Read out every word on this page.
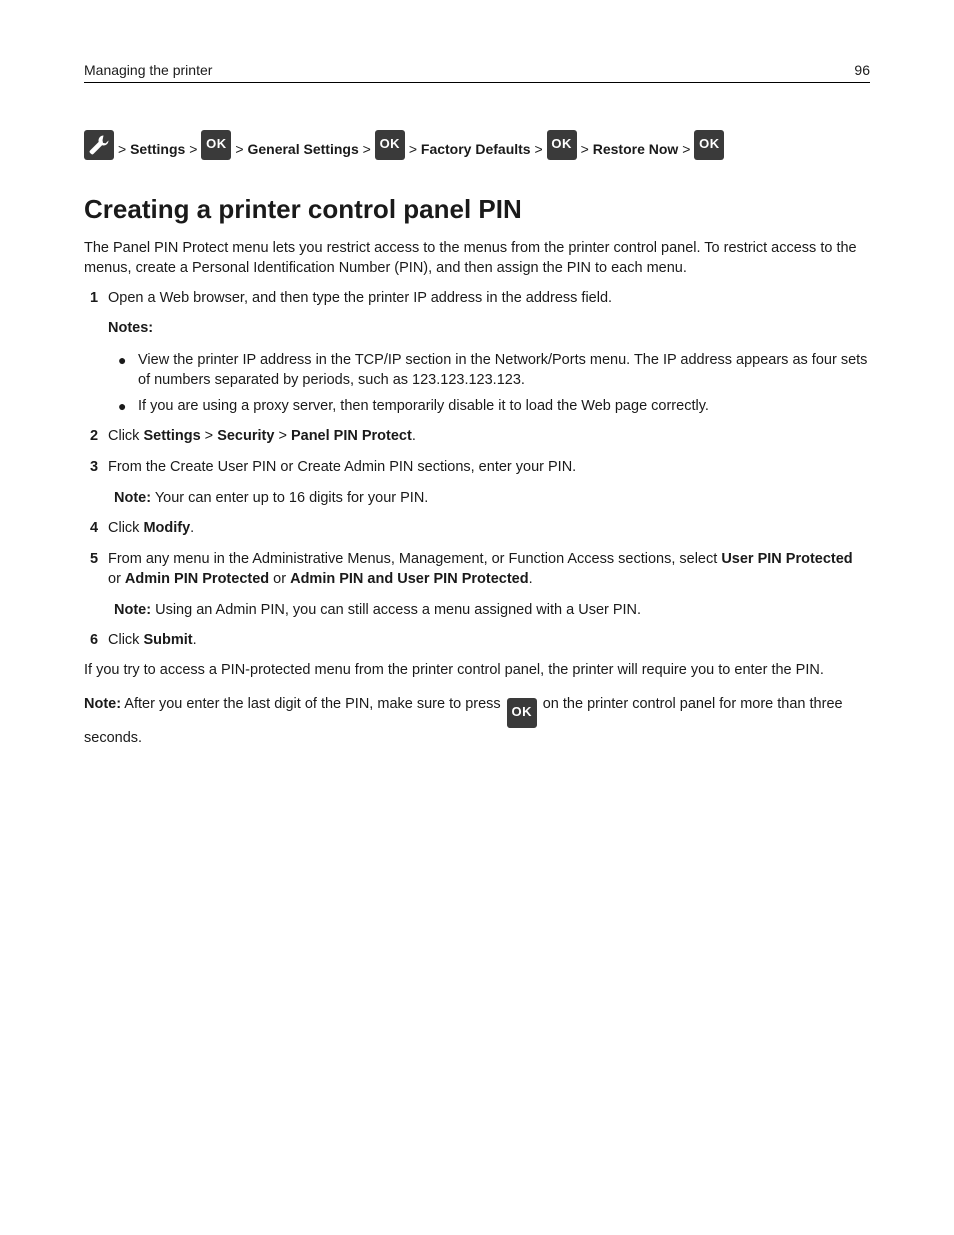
Managing the printer	96
> Settings > OK > General Settings > OK > Factory Defaults > OK > Restore Now > OK
Creating a printer control panel PIN
The Panel PIN Protect menu lets you restrict access to the menus from the printer control panel. To restrict access to the menus, create a Personal Identification Number (PIN), and then assign the PIN to each menu.
1 Open a Web browser, and then type the printer IP address in the address field.
Notes:
● View the printer IP address in the TCP/IP section in the Network/Ports menu. The IP address appears as four sets of numbers separated by periods, such as 123.123.123.123.
● If you are using a proxy server, then temporarily disable it to load the Web page correctly.
2 Click Settings > Security > Panel PIN Protect.
3 From the Create User PIN or Create Admin PIN sections, enter your PIN.
Note: Your can enter up to 16 digits for your PIN.
4 Click Modify.
5 From any menu in the Administrative Menus, Management, or Function Access sections, select User PIN Protected or Admin PIN Protected or Admin PIN and User PIN Protected.
Note: Using an Admin PIN, you can still access a menu assigned with a User PIN.
6 Click Submit.
If you try to access a PIN-protected menu from the printer control panel, the printer will require you to enter the PIN.
Note: After you enter the last digit of the PIN, make sure to press OK on the printer control panel for more than three seconds.
